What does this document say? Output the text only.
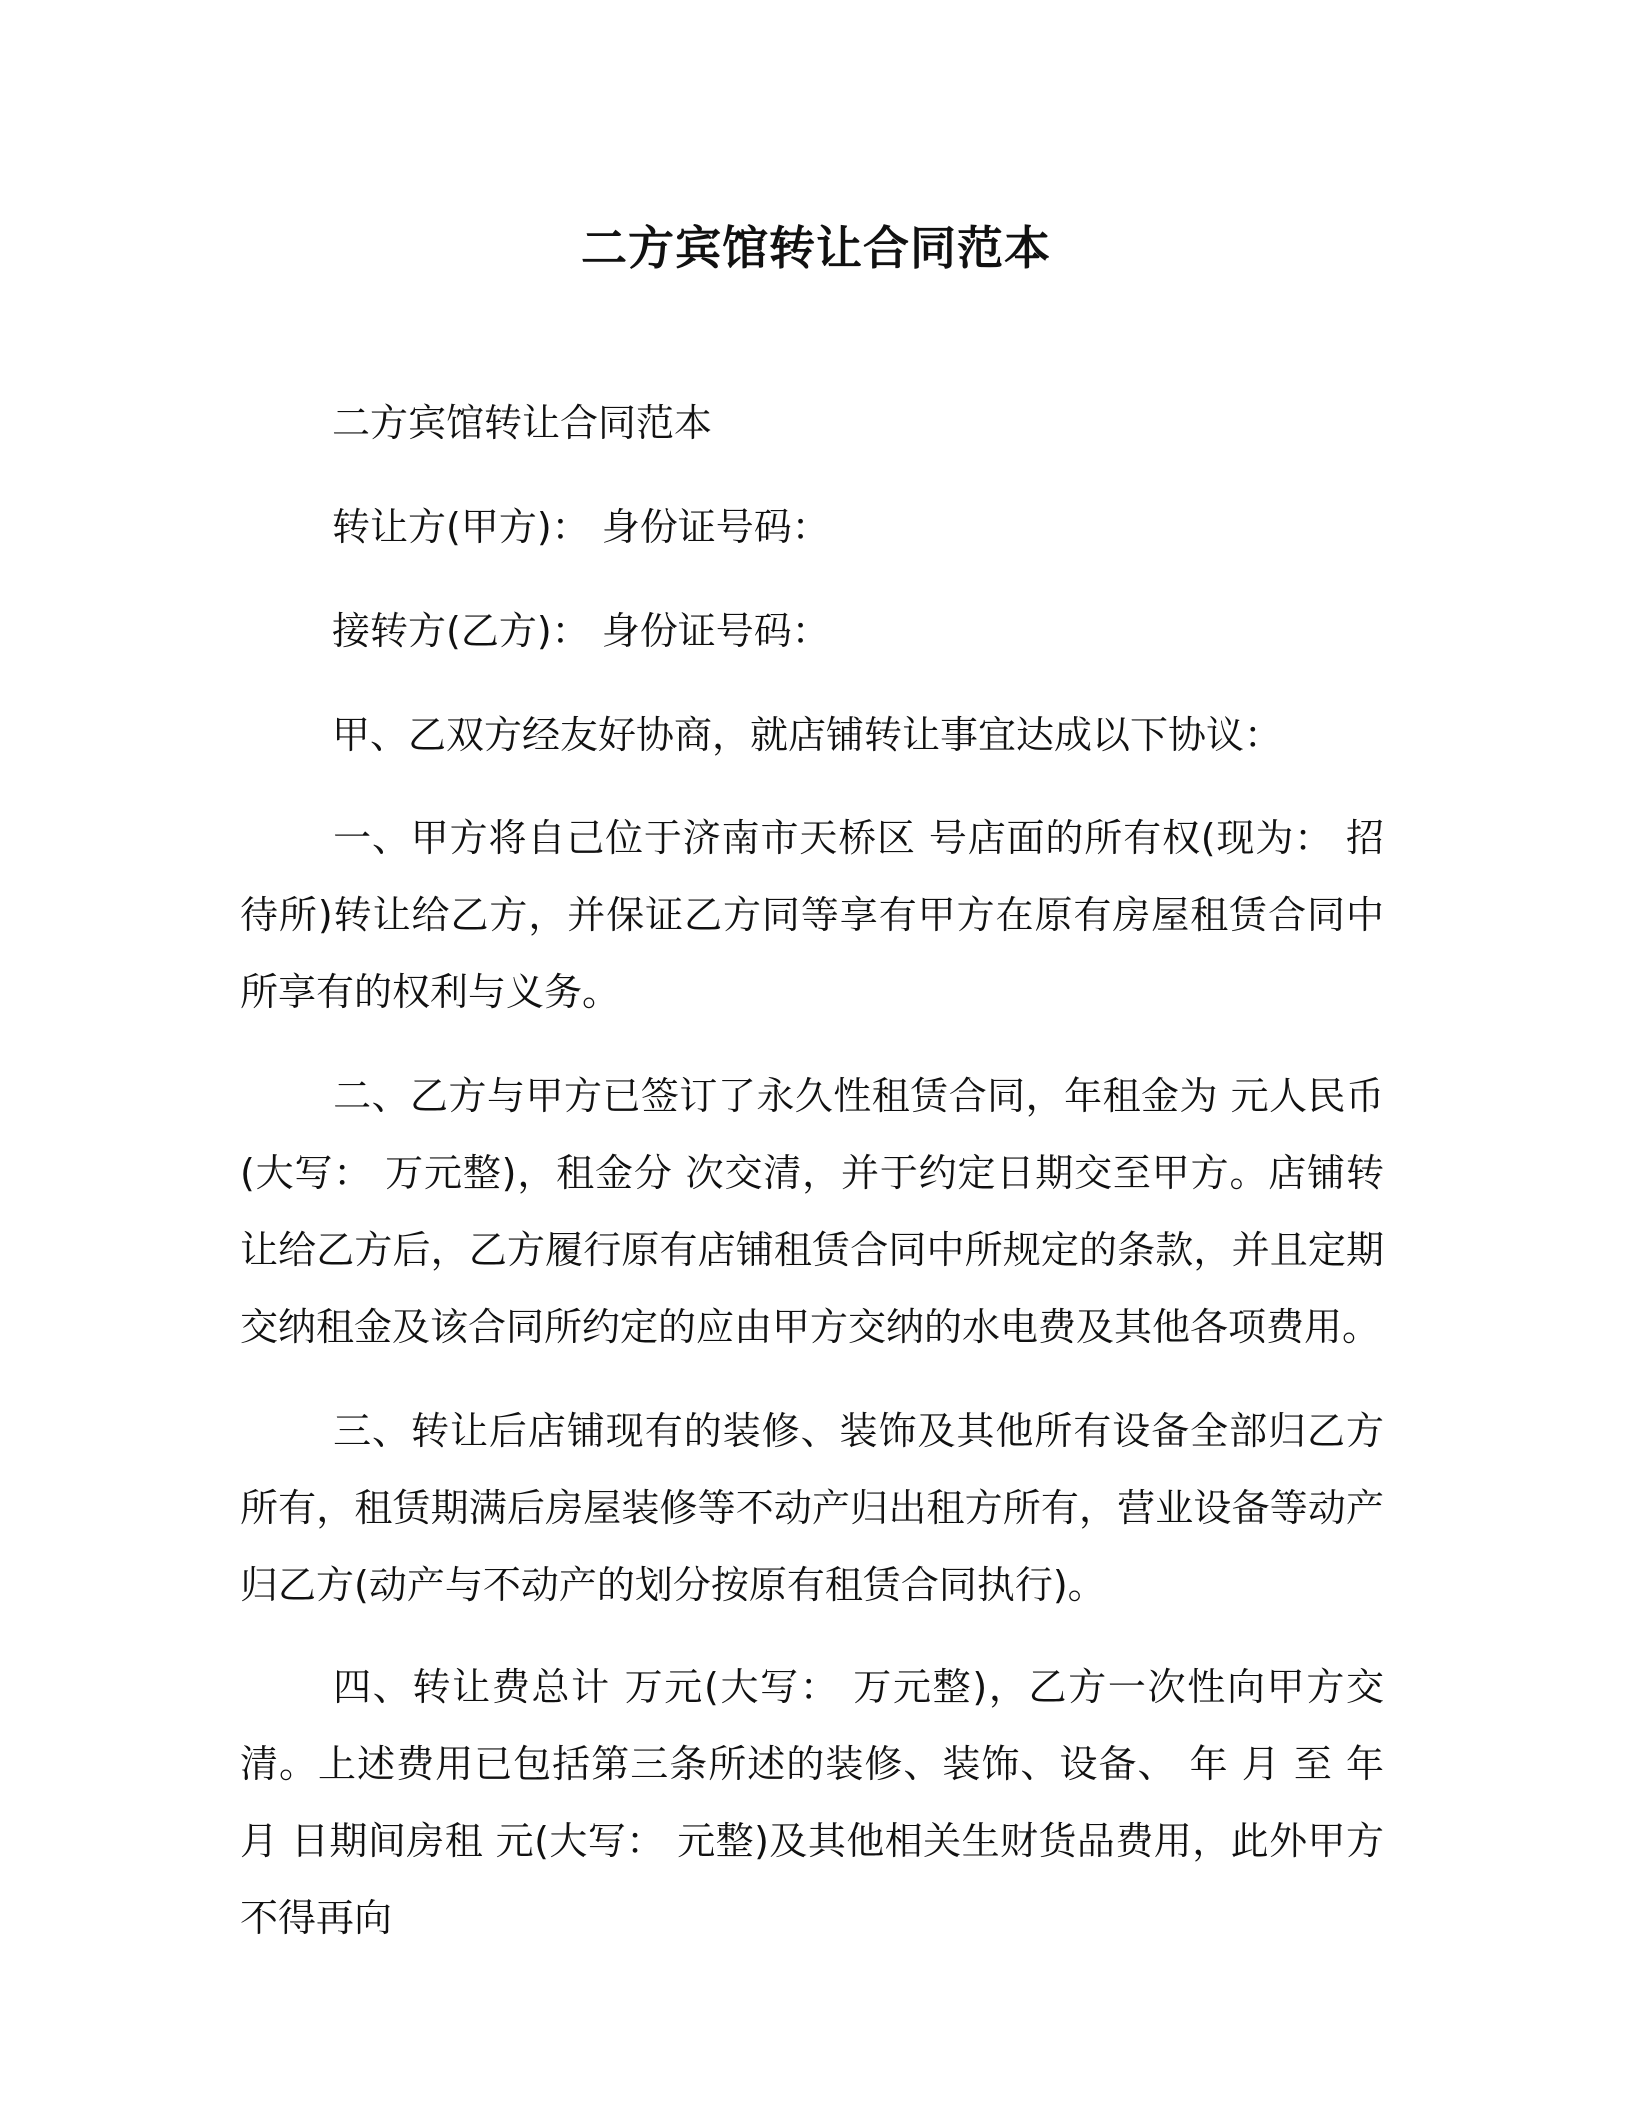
二方宾馆转让合同范本
二方宾馆转让合同范本
转让方(甲方)： 身份证号码：
接转方(乙方)： 身份证号码：
甲、乙双方经友好协商，就店铺转让事宜达成以下协议：

一、甲方将自己位于济南市天桥区 号店面的所有权(现为： 招待所)转让给乙方，并保证乙方同等享有甲方在原有房屋租赁合同中所享有的权利与义务。

二、乙方与甲方已签订了永久性租赁合同，年租金为 元人民币(大写： 万元整)，租金分 次交清，并于约定日期交至甲方。店铺转让给乙方后，乙方履行原有店铺租赁合同中所规定的条款，并且定期交纳租金及该合同所约定的应由甲方交纳的水电费及其他各项费用。

三、转让后店铺现有的装修、装饰及其他所有设备全部归乙方所有，租赁期满后房屋装修等不动产归出租方所有，营业设备等动产归乙方(动产与不动产的划分按原有租赁合同执行)。

四、转让费总计 万元(大写： 万元整)，乙方一次性向甲方交清。上述费用已包括第三条所述的装修、装饰、设备、 年 月 至 年 月 日期间房租 元(大写： 元整)及其他相关生财货品费用，此外甲方不得再向
